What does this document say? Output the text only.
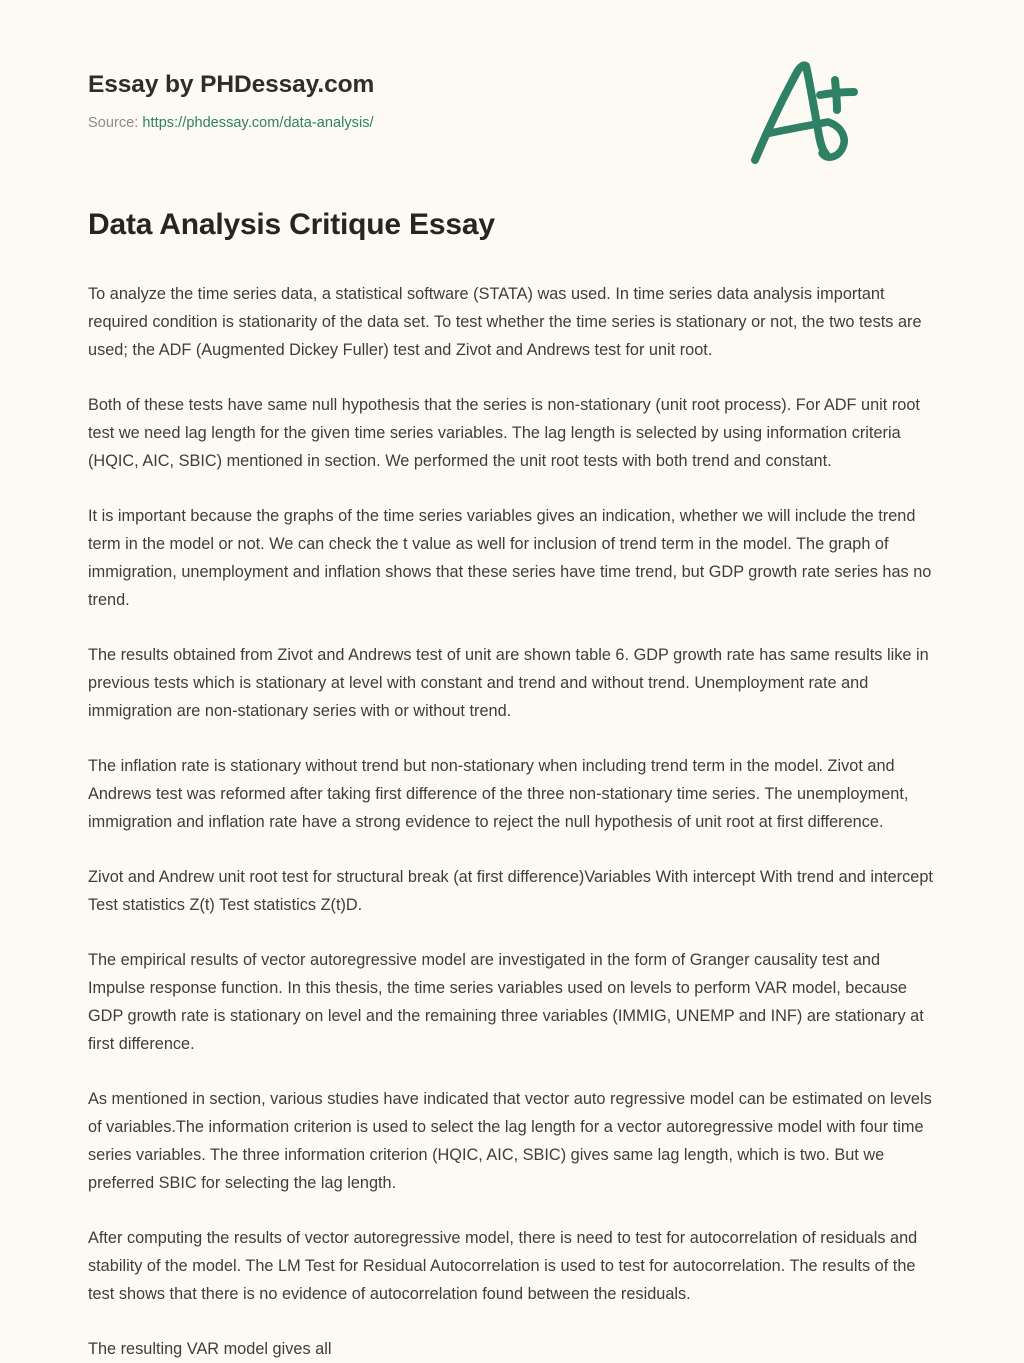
Essay by PHDessay.com
Source: https://phdessay.com/data-analysis/
Data Analysis Critique Essay

To analyze the time series data, a statistical software (STATA) was used. In time series data analysis important required condition is stationarity of the data set. To test whether the time series is stationary or not, the two tests are used; the ADF (Augmented Dickey Fuller) test and Zivot and Andrews test for unit root.

Both of these tests have same null hypothesis that the series is non-stationary (unit root process). For ADF unit root test we need lag length for the given time series variables. The lag length is selected by using information criteria (HQIC, AIC, SBIC) mentioned in section. We performed the unit root tests with both trend and constant.

It is important because the graphs of the time series variables gives an indication, whether we will include the trend term in the model or not. We can check the t value as well for inclusion of trend term in the model. The graph of immigration, unemployment and inflation shows that these series have time trend, but GDP growth rate series has no trend.

The results obtained from Zivot and Andrews test of unit are shown table 6. GDP growth rate has same results like in previous tests which is stationary at level with constant and trend and without trend. Unemployment rate and immigration are non-stationary series with or without trend.

The inflation rate is stationary without trend but non-stationary when including trend term in the model. Zivot and Andrews test was reformed after taking first difference of the three non-stationary time series. The unemployment, immigration and inflation rate have a strong evidence to reject the null hypothesis of unit root at first difference.

Zivot and Andrew unit root test for structural break (at first difference)Variables With intercept With trend and intercept Test statistics Z(t) Test statistics Z(t)D.

The empirical results of vector autoregressive model are investigated in the form of Granger causality test and Impulse response function. In this thesis, the time series variables used on levels to perform VAR model, because GDP growth rate is stationary on level and the remaining three variables (IMMIG, UNEMP and INF) are stationary at first difference.

As mentioned in section, various studies have indicated that vector auto regressive model can be estimated on levels of variables.The information criterion is used to select the lag length for a vector autoregressive model with four time series variables. The three information criterion (HQIC, AIC, SBIC) gives same lag length, which is two. But we preferred SBIC for selecting the lag length.

After computing the results of vector autoregressive model, there is need to test for autocorrelation of residuals and stability of the model. The LM Test for Residual Autocorrelation is used to test for autocorrelation. The results of the test shows that there is no evidence of autocorrelation found between the residuals.

The resulting VAR model gives all
